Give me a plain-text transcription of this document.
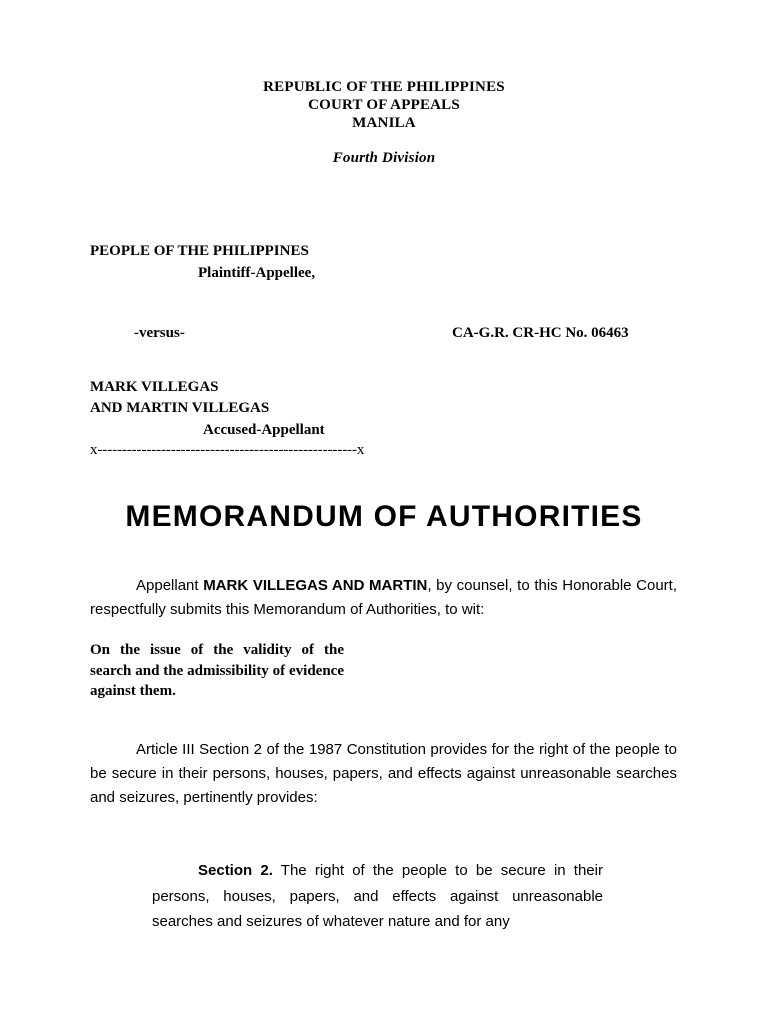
REPUBLIC OF THE PHILIPPINES
COURT OF APPEALS
MANILA
Fourth Division
PEOPLE OF THE PHILIPPINES
Plaintiff-Appellee,
-versus-	CA-G.R. CR-HC No. 06463
MARK VILLEGAS
AND MARTIN VILLEGAS
Accused-Appellant
x-----------------------------------------------------x
MEMORANDUM OF AUTHORITIES
Appellant MARK VILLEGAS AND MARTIN, by counsel, to this Honorable Court, respectfully submits this Memorandum of Authorities, to wit:
On the issue of the validity of the search and the admissibility of evidence against them.
Article III Section 2 of the 1987 Constitution provides for the right of the people to be secure in their persons, houses, papers, and effects against unreasonable searches and seizures, pertinently provides:
Section 2. The right of the people to be secure in their persons, houses, papers, and effects against unreasonable searches and seizures of whatever nature and for any
